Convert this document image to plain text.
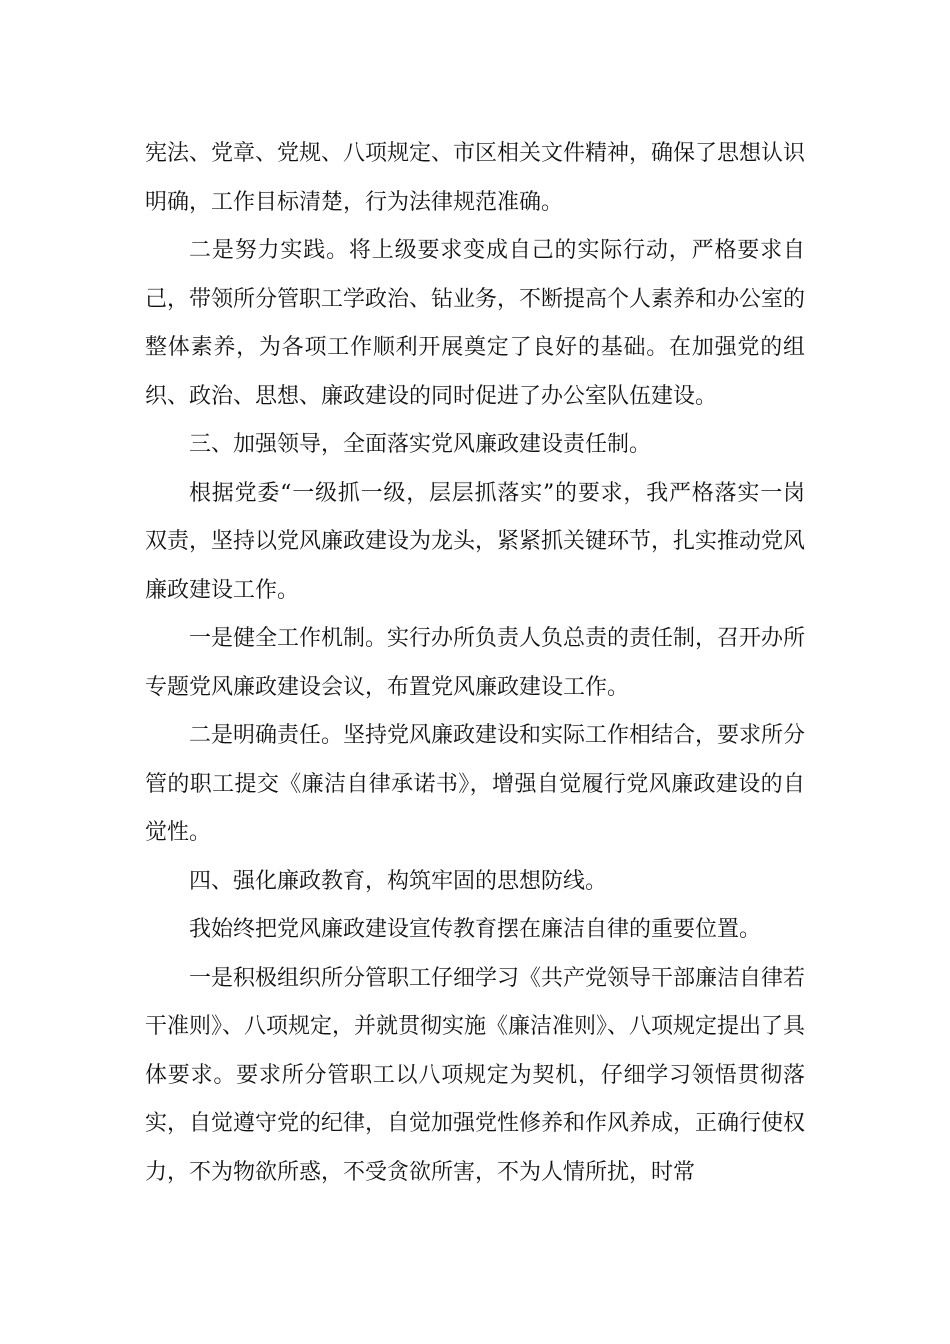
宪法、党章、党规、八项规定、市区相关文件精神，确保了思想认识明确，工作目标清楚，行为法律规范准确。

二是努力实践。将上级要求变成自己的实际行动，严格要求自己，带领所分管职工学政治、钻业务，不断提高个人素养和办公室的整体素养，为各项工作顺利开展奠定了良好的基础。在加强党的组织、政治、思想、廉政建设的同时促进了办公室队伍建设。

三、加强领导，全面落实党风廉政建设责任制。

根据党委“一级抓一级，层层抓落实”的要求，我严格落实一岗双责，坚持以党风廉政建设为龙头，紧紧抓关键环节，扎实推动党风廉政建设工作。

一是健全工作机制。实行办所负责人负总责的责任制，召开办所专题党风廉政建设会议，布置党风廉政建设工作。

二是明确责任。坚持党风廉政建设和实际工作相结合，要求所分管的职工提交《廉洁自律承诺书》，增强自觉履行党风廉政建设的自觉性。

四、强化廉政教育，构筑牢固的思想防线。

我始终把党风廉政建设宣传教育摆在廉洁自律的重要位置。

一是积极组织所分管职工仔细学习《共产党领导干部廉洁自律若干准则》、八项规定，并就贯彻实施《廉洁准则》、八项规定提出了具体要求。要求所分管职工以八项规定为契机，仔细学习领悟贯彻落实，自觉遵守党的纪律，自觉加强党性修养和作风养成，正确行使权力，不为物欲所惑，不受贪欲所害，不为人情所扰，时常
